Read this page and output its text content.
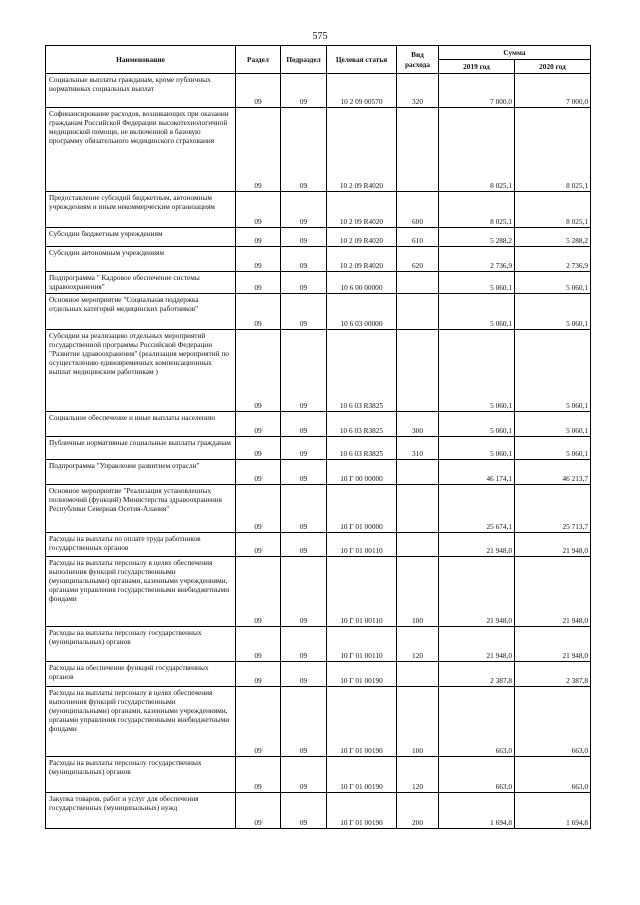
575
Наименование	Раздел	Подраздел	Целевая статья	Вид расхода	Сумма	
					2019 год	2020 год

Социальные выплаты гражданам, кроме публичных нормативных социальных выплат	09	09	10 2 09 00570	320	7 000,0	7 000,0

Софинансирование расходов, возникающих при оказании гражданам Российской Федерации высокотехнологичной медицинской помощи, не включенной в базовую программу обязательного медицинского страхования	09	09	10 2 09 R4020		8 025,1	8 025,1

Предоставление субсидий бюджетным, автономным учреждениям и иным некоммерческим организациям	09	09	10 2 09 R4020	600	8 025,1	8 025,1

Субсидии бюджетным учреждениям	09	09	10 2 09 R4020	610	5 288,2	5 288,2

Субсидии автономным учреждениям	09	09	10 2 09 R4020	620	2 736,9	2 736,9

Подпрограмма " Кадровое обеспечение системы здравоохранения"	09	09	10 6 00 00000		5 060,1	5 060,1

Основное мероприятие "Социальная поддержка отдельных категорий медицинских работников"	09	09	10 6 03 00000		5 060,1	5 060,1

Субсидии на реализацию отдельных мероприятий государственной программы Российской Федерации "Развитие здравоохранения" (реализация мероприятий по осуществлению единовременных компенсационных выплат медицинским работникам )	09	09	10 6 03 R3825		5 060,1	5 060,1

Социальное обеспечение и иные выплаты населению	09	09	10 6 03 R3825	300	5 060,1	5 060,1

Публичные нормативные социальные выплаты гражданам	09	09	10 6 03 R3825	310	5 060,1	5 060,1

Подпрограмма "Управление развитием отрасли"	09	09	10 Г 00 00000		46 174,1	46 213,7

Основное мероприятие "Реализация установленных полномочий (функций) Министерства здравоохранения Республики Северная Осетия-Алания"	09	09	10 Г 01 00000		25 674,1	25 713,7

Расходы на выплаты по оплате труда работников государственных органов	09	09	10 Г 01 00110		21 948,0	21 948,0

Расходы на выплаты персоналу в целях обеспечения выполнения функций государственными (муниципальными) органами, казенными учреждениями, органами управления государственными внебюджетными фондами	09	09	10 Г 01 00110	100	21 948,0	21 948,0

Расходы на выплаты персоналу государственных (муниципальных) органов	09	09	10 Г 01 00110	120	21 948,0	21 948,0

Расходы на обеспечение функций государственных органов	09	09	10 Г 01 00190		2 387,8	2 387,8

Расходы на выплаты персоналу в целях обеспечения выполнения функций государственными (муниципальными) органами, казенными учреждениями, органами управления государственными внебюджетными фондами	09	09	10 Г 01 00190	100	663,0	663,0

Расходы на выплаты персоналу государственных (муниципальных) органов	09	09	10 Г 01 00190	120	663,0	663,0

Закупка товаров, работ и услуг для обеспечения государственных (муниципальных) нужд	09	09	10 Г 01 00190	200	1 694,8	1 694,8
